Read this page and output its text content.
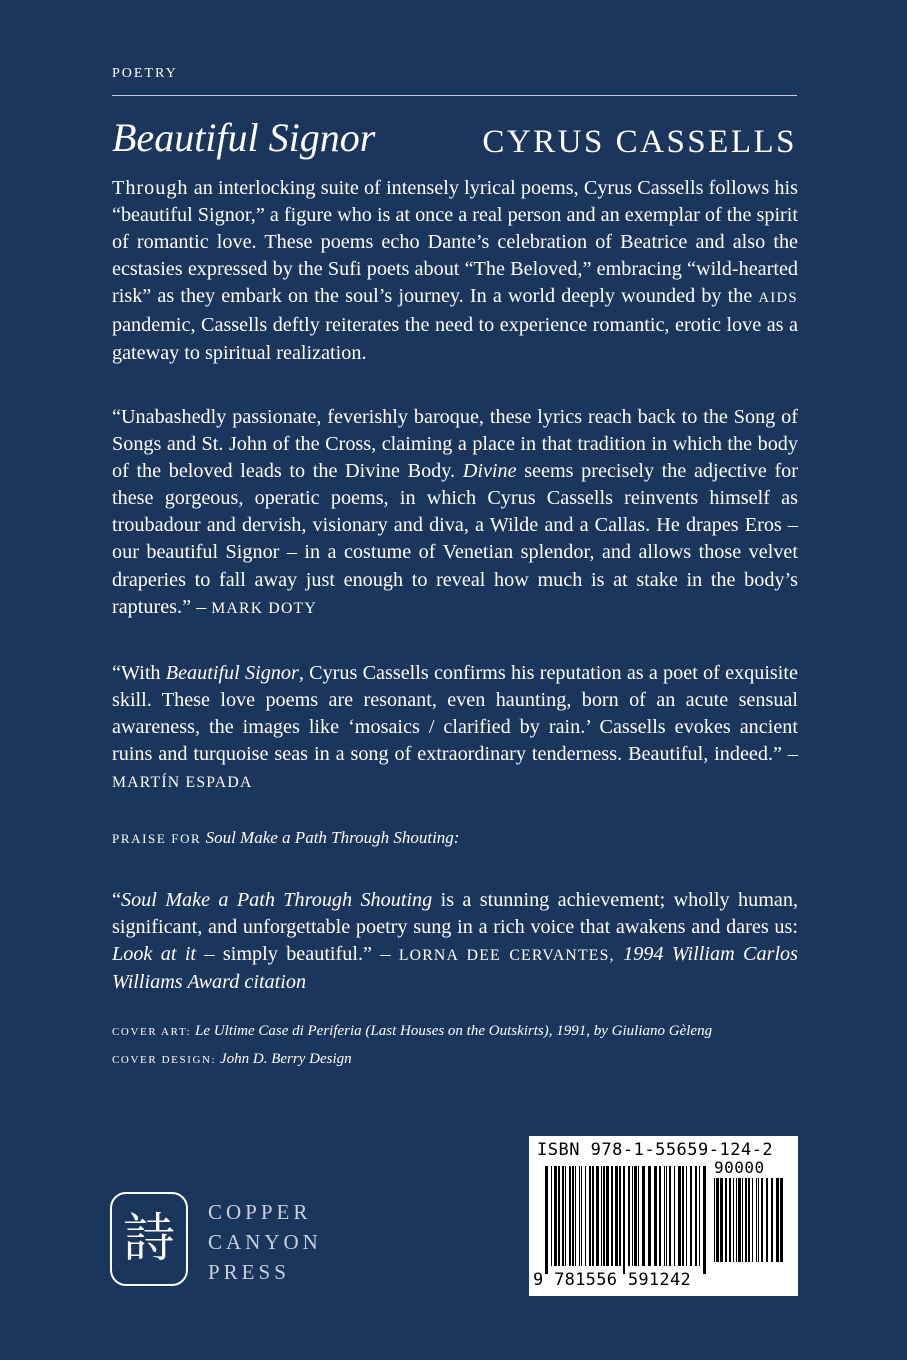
POETRY
Beautiful Signor	CYRUS CASSELLS

Through an interlocking suite of intensely lyrical poems, Cyrus Cassells follows his “beautiful Signor,” a figure who is at once a real person and an exemplar of the spirit of romantic love. These poems echo Dante’s celebration of Beatrice and also the ecstasies expressed by the Sufi poets about “The Beloved,” embracing “wild-hearted risk” as they embark on the soul’s journey. In a world deeply wounded by the AIDS pandemic, Cassells deftly reiterates the need to experience romantic, erotic love as a gateway to spiritual realization.

“Unabashedly passionate, feverishly baroque, these lyrics reach back to the Song of Songs and St. John of the Cross, claiming a place in that tradition in which the body of the beloved leads to the Divine Body. Divine seems precisely the adjective for these gorgeous, operatic poems, in which Cyrus Cassells reinvents himself as troubadour and dervish, visionary and diva, a Wilde and a Callas. He drapes Eros – our beautiful Signor – in a costume of Venetian splendor, and allows those velvet draperies to fall away just enough to reveal how much is at stake in the body’s raptures.” – MARK DOTY

“With Beautiful Signor, Cyrus Cassells confirms his reputation as a poet of exquisite skill. These love poems are resonant, even haunting, born of an acute sensual awareness, the images like ‘mosaics / clarified by rain.’ Cassells evokes ancient ruins and turquoise seas in a song of extraordinary tenderness. Beautiful, indeed.” – MARTÍN ESPADA

PRAISE FOR Soul Make a Path Through Shouting:

“Soul Make a Path Through Shouting is a stunning achievement; wholly human, significant, and unforgettable poetry sung in a rich voice that awakens and dares us: Look at it – simply beautiful.” – LORNA DEE CERVANTES, 1994 William Carlos Williams Award citation

COVER ART: Le Ultime Case di Periferia (Last Houses on the Outskirts), 1991, by Giuliano Gèleng
COVER DESIGN: John D. Berry Design
詩 COPPER
CANYON
PRESS
ISBN 978-1-55659-124-2
90000
9 781556 591242
